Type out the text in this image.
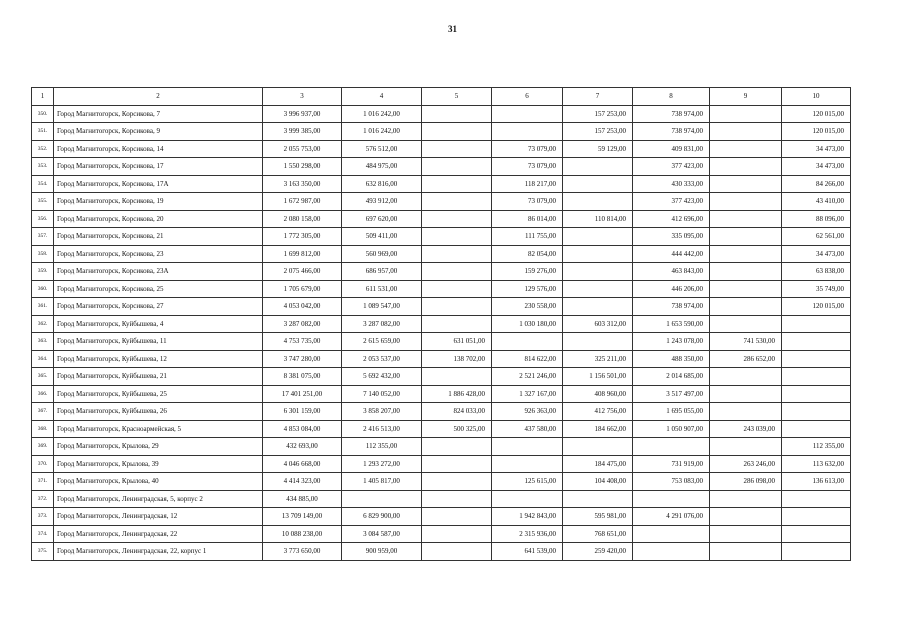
31
1	2	3	4	5	6	7	8	9	10
350.	Город Магнитогорск, Корсикова, 7	3 996 937,00	1 016 242,00			157 253,00	738 974,00		120 015,00
351.	Город Магнитогорск, Корсикова, 9	3 999 385,00	1 016 242,00			157 253,00	738 974,00		120 015,00
352.	Город Магнитогорск, Корсикова, 14	2 055 753,00	576 512,00		73 079,00	59 129,00	409 831,00		34 473,00
353.	Город Магнитогорск, Корсикова, 17	1 550 298,00	484 975,00		73 079,00		377 423,00		34 473,00
354.	Город Магнитогорск, Корсикова, 17А	3 163 350,00	632 816,00		118 217,00		430 333,00		84 266,00
355.	Город Магнитогорск, Корсикова, 19	1 672 987,00	493 912,00		73 079,00		377 423,00		43 410,00
356.	Город Магнитогорск, Корсикова, 20	2 080 158,00	697 620,00		86 014,00	110 814,00	412 696,00		88 096,00
357.	Город Магнитогорск, Корсикова, 21	1 772 305,00	509 411,00		111 755,00		335 095,00		62 561,00
358.	Город Магнитогорск, Корсикова, 23	1 699 812,00	560 969,00		82 054,00		444 442,00		34 473,00
359.	Город Магнитогорск, Корсикова, 23А	2 075 466,00	686 957,00		159 276,00		463 843,00		63 838,00
360.	Город Магнитогорск, Корсикова, 25	1 705 679,00	611 531,00		129 576,00		446 206,00		35 749,00
361.	Город Магнитогорск, Корсикова, 27	4 053 042,00	1 089 547,00		230 558,00		738 974,00		120 015,00
362.	Город Магнитогорск, Куйбышева, 4	3 287 082,00	3 287 082,00		1 030 180,00	603 312,00	1 653 590,00		
363.	Город Магнитогорск, Куйбышева, 11	4 753 735,00	2 615 659,00	631 051,00			1 243 078,00	741 530,00	
364.	Город Магнитогорск, Куйбышева, 12	3 747 280,00	2 053 537,00	138 702,00	814 622,00	325 211,00	488 350,00	286 652,00	
365.	Город Магнитогорск, Куйбышева, 21	8 381 075,00	5 692 432,00		2 521 246,00	1 156 501,00	2 014 685,00		
366.	Город Магнитогорск, Куйбышева, 25	17 401 251,00	7 140 052,00	1 886 428,00	1 327 167,00	408 960,00	3 517 497,00		
367.	Город Магнитогорск, Куйбышева, 26	6 301 159,00	3 858 207,00	824 033,00	926 363,00	412 756,00	1 695 055,00		
368.	Город Магнитогорск, Красноармейская, 5	4 853 084,00	2 416 513,00	500 325,00	437 580,00	184 662,00	1 050 907,00	243 039,00	
369.	Город Магнитогорск, Крылова, 29	432 693,00	112 355,00						112 355,00
370.	Город Магнитогорск, Крылова, 39	4 046 668,00	1 293 272,00			184 475,00	731 919,00	263 246,00	113 632,00
371.	Город Магнитогорск, Крылова, 40	4 414 323,00	1 405 817,00		125 615,00	104 408,00	753 083,00	286 098,00	136 613,00
372.	Город Магнитогорск, Ленинградская, 5, корпус 2	434 885,00							
373.	Город Магнитогорск, Ленинградская, 12	13 709 149,00	6 829 900,00		1 942 843,00	595 981,00	4 291 076,00		
374.	Город Магнитогорск, Ленинградская, 22	10 088 238,00	3 084 587,00		2 315 936,00	768 651,00			
375.	Город Магнитогорск, Ленинградская, 22, корпус 1	3 773 650,00	900 959,00		641 539,00	259 420,00			
